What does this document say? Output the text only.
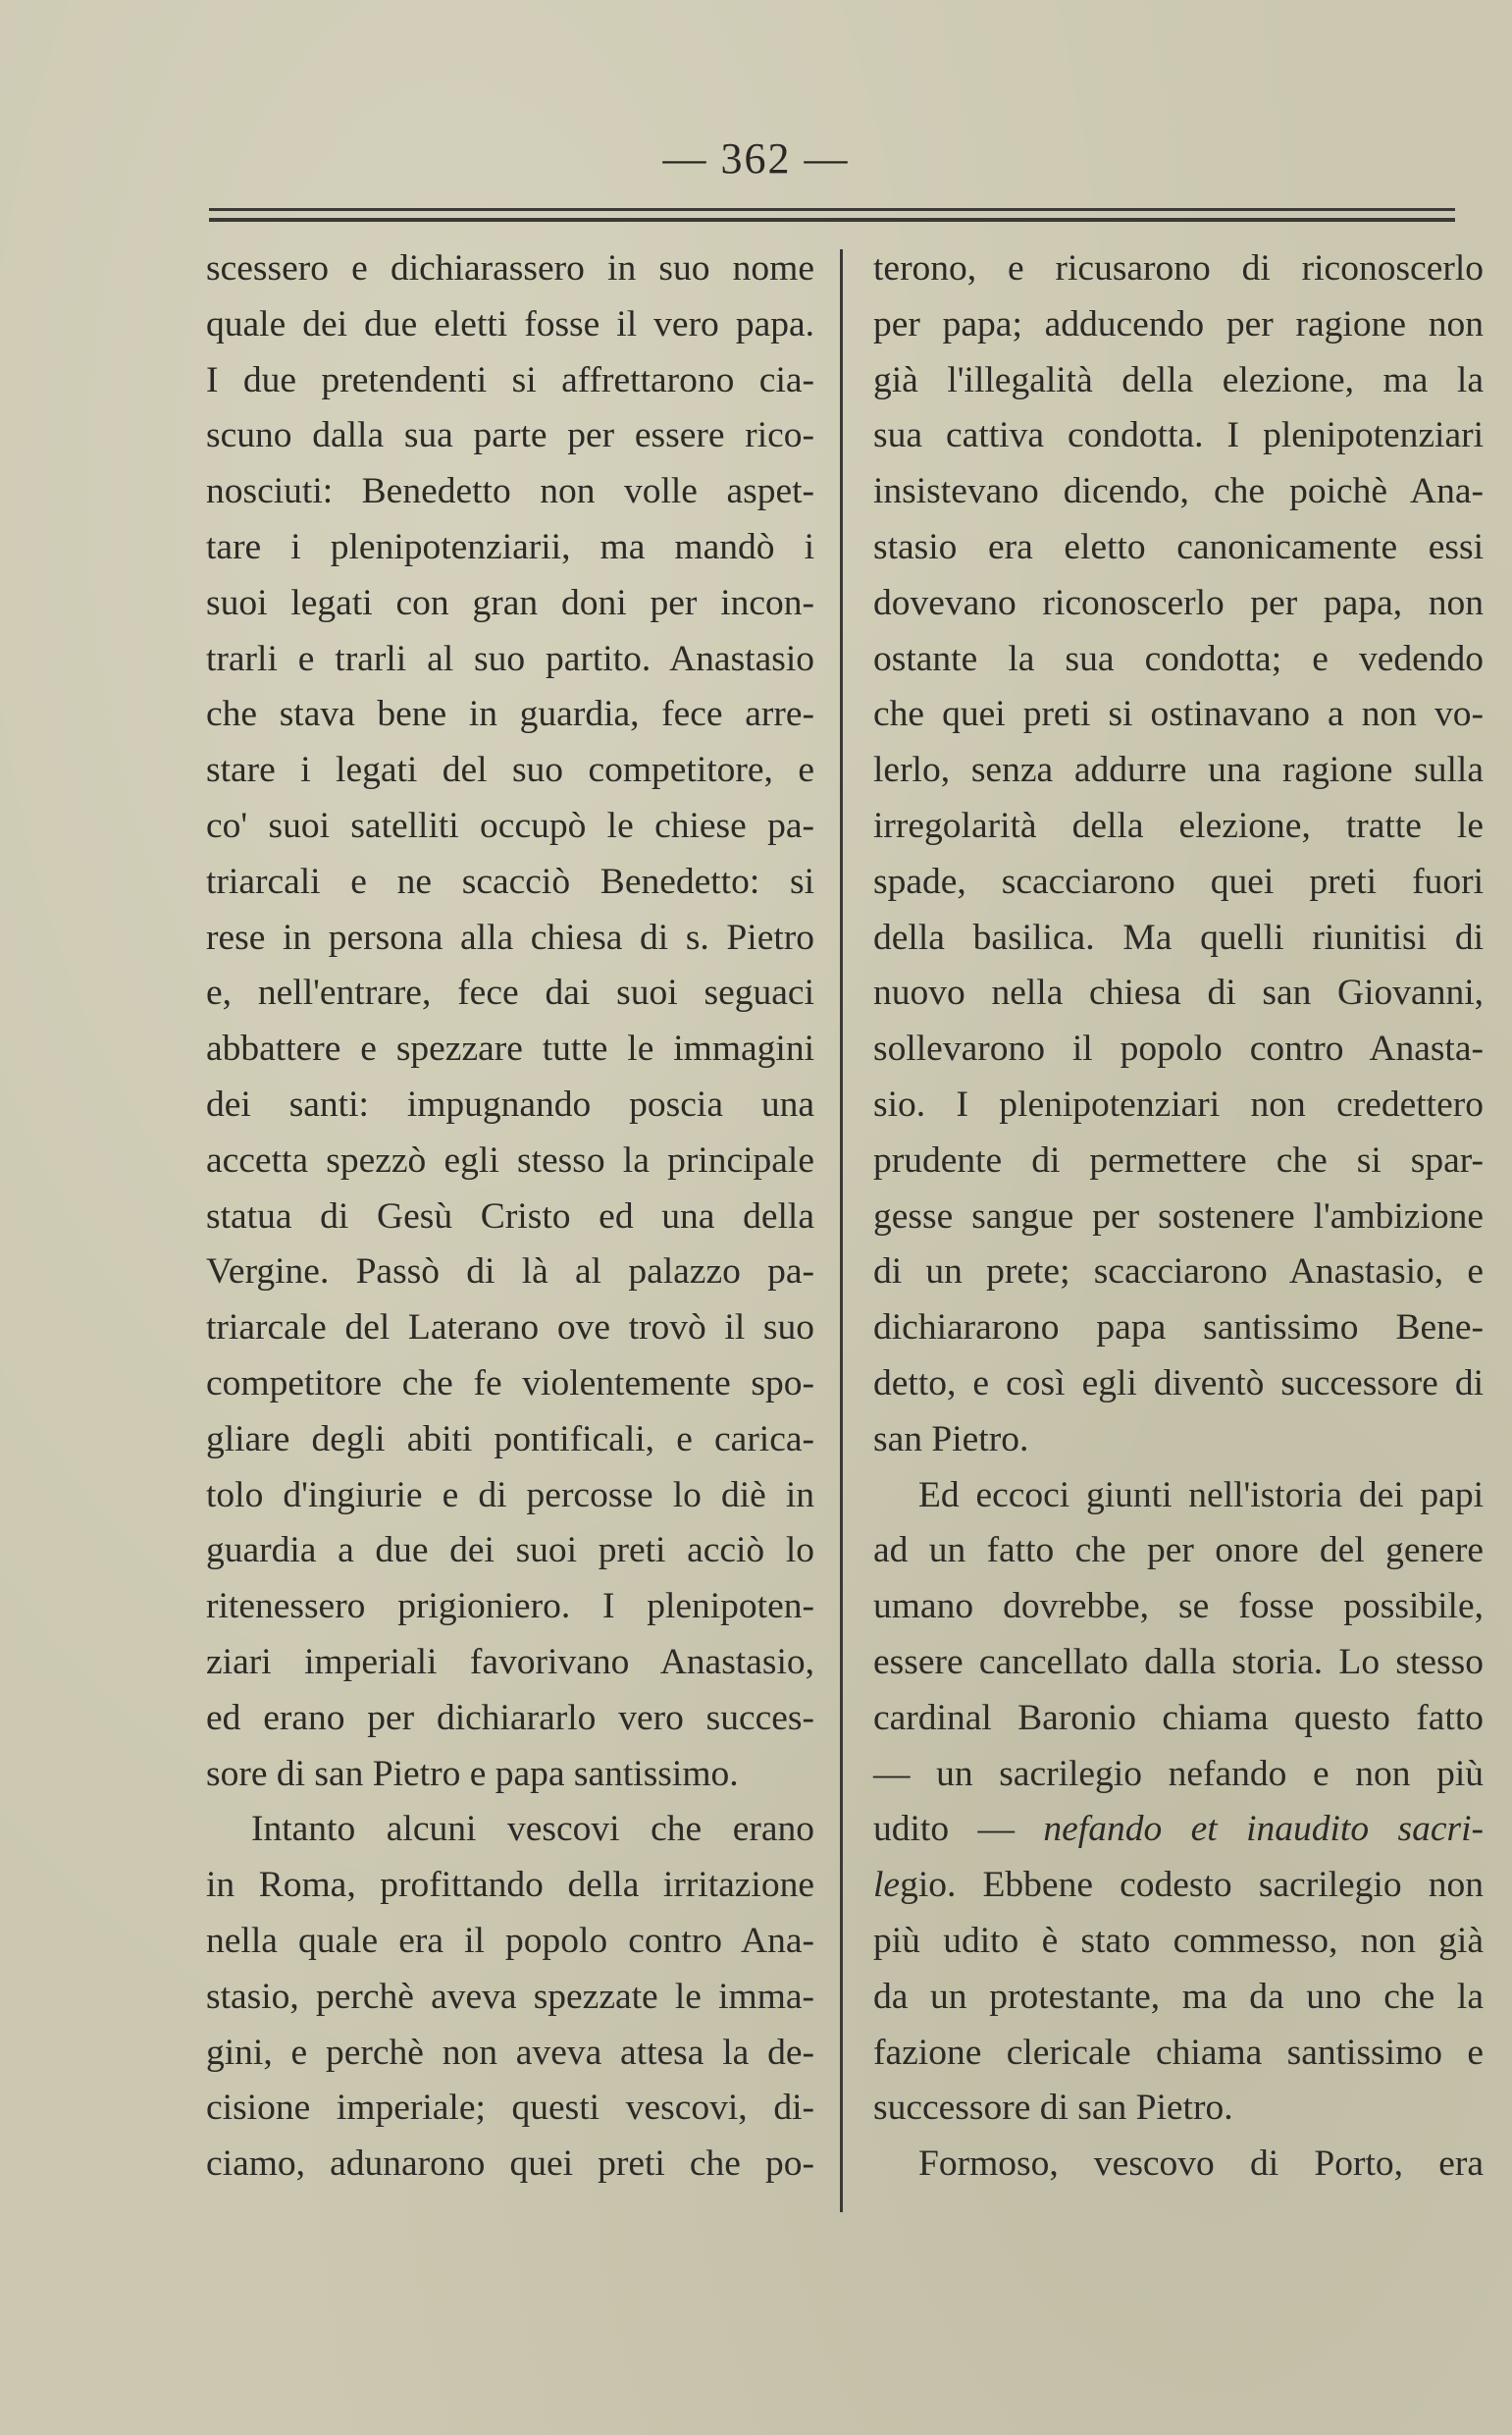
— 362 —
scessero e dichiarassero in suo nome
quale dei due eletti fosse il vero papa.
I due pretendenti si affrettarono cia-
scuno dalla sua parte per essere rico-
nosciuti: Benedetto non volle aspet-
tare i plenipotenziarii, ma mandò i
suoi legati con gran doni per incon-
trarli e trarli al suo partito. Anastasio
che stava bene in guardia, fece arre-
stare i legati del suo competitore, e
co' suoi satelliti occupò le chiese pa-
triarcali e ne scacciò Benedetto: si
rese in persona alla chiesa di s. Pietro
e, nell'entrare, fece dai suoi seguaci
abbattere e spezzare tutte le immagini
dei santi: impugnando poscia una
accetta spezzò egli stesso la principale
statua di Gesù Cristo ed una della
Vergine. Passò di là al palazzo pa-
triarcale del Laterano ove trovò il suo
competitore che fe violentemente spo-
gliare degli abiti pontificali, e carica-
tolo d'ingiurie e di percosse lo diè in
guardia a due dei suoi preti acciò lo
ritenessero prigioniero. I plenipoten-
ziari imperiali favorivano Anastasio,
ed erano per dichiararlo vero succes-
sore di san Pietro e papa santissimo.
Intanto alcuni vescovi che erano
in Roma, profittando della irritazione
nella quale era il popolo contro Ana-
stasio, perchè aveva spezzate le imma-
gini, e perchè non aveva attesa la de-
cisione imperiale; questi vescovi, di-
ciamo, adunarono quei preti che po-
terono, e ricusarono di riconoscerlo
per papa; adducendo per ragione non
già l'illegalità della elezione, ma la
sua cattiva condotta. I plenipotenziari
insistevano dicendo, che poichè Ana-
stasio era eletto canonicamente essi
dovevano riconoscerlo per papa, non
ostante la sua condotta; e vedendo
che quei preti si ostinavano a non vo-
lerlo, senza addurre una ragione sulla
irregolarità della elezione, tratte le
spade, scacciarono quei preti fuori
della basilica. Ma quelli riunitisi di
nuovo nella chiesa di san Giovanni,
sollevarono il popolo contro Anasta-
sio. I plenipotenziari non credettero
prudente di permettere che si spar-
gesse sangue per sostenere l'ambizione
di un prete; scacciarono Anastasio, e
dichiararono papa santissimo Bene-
detto, e così egli diventò successore di
san Pietro.
Ed eccoci giunti nell'istoria dei papi
ad un fatto che per onore del genere
umano dovrebbe, se fosse possibile,
essere cancellato dalla storia. Lo stesso
cardinal Baronio chiama questo fatto
— un sacrilegio nefando e non più
udito — nefando et inaudito sacri-
legio. Ebbene codesto sacrilegio non
più udito è stato commesso, non già
da un protestante, ma da uno che la
fazione clericale chiama santissimo e
successore di san Pietro.
Formoso, vescovo di Porto, era
